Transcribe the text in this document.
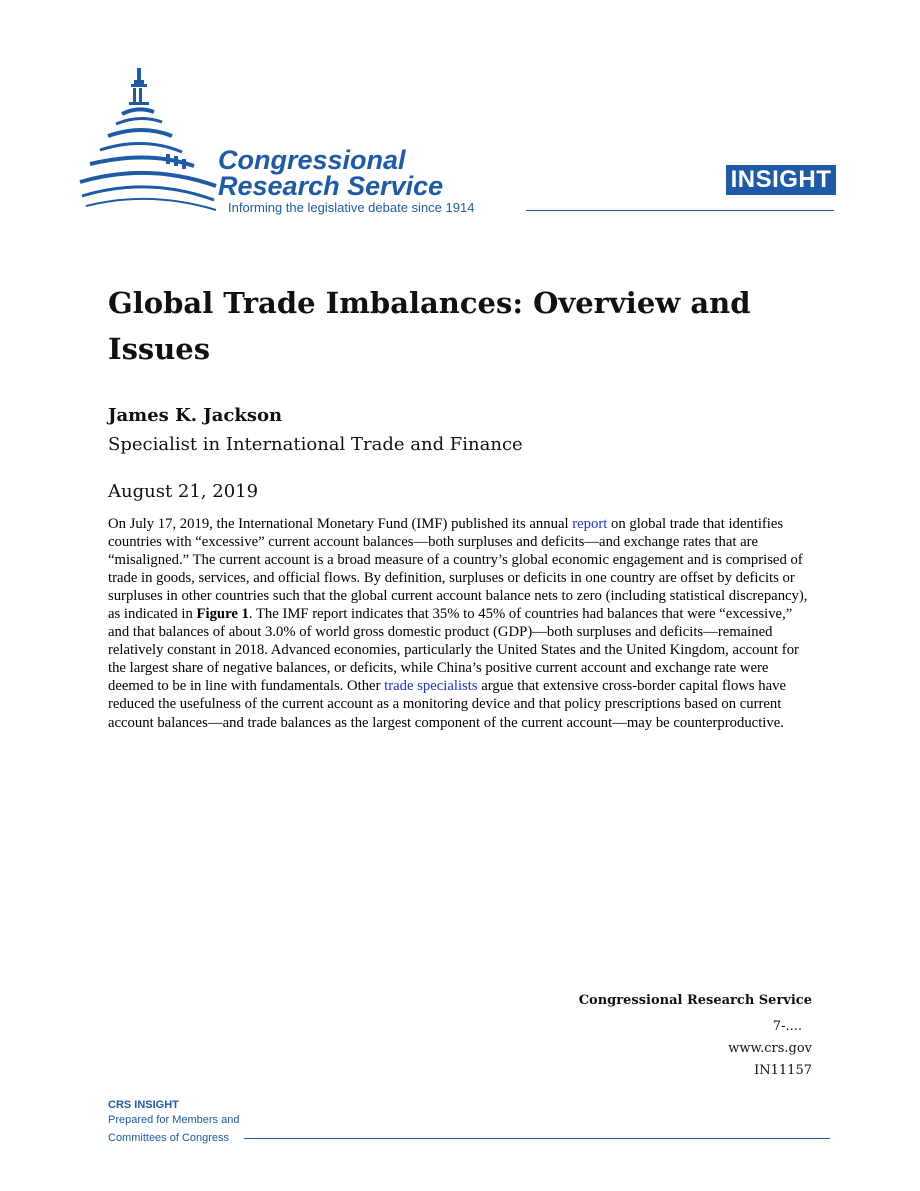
Congressional
Research Service
Informing the legislative debate since 1914
INSIGHT
Global Trade Imbalances: Overview and Issues
James K. Jackson
Specialist in International Trade and Finance
August 21, 2019

On July 17, 2019, the International Monetary Fund (IMF) published its annual report on global trade that identifies countries with “excessive” current account balances—both surpluses and deficits—and exchange rates that are “misaligned.” The current account is a broad measure of a country’s global economic engagement and is comprised of trade in goods, services, and official flows. By definition, surpluses or deficits in one country are offset by deficits or surpluses in other countries such that the global current account balance nets to zero (including statistical discrepancy), as indicated in Figure 1. The IMF report indicates that 35% to 45% of countries had balances that were “excessive,” and that balances of about 3.0% of world gross domestic product (GDP)—both surpluses and deficits—remained relatively constant in 2018. Advanced economies, particularly the United States and the United Kingdom, account for the largest share of negative balances, or deficits, while China’s positive current account and exchange rate were deemed to be in line with fundamentals. Other trade specialists argue that extensive cross-border capital flows have reduced the usefulness of the current account as a monitoring device and that policy prescriptions based on current account balances—and trade balances as the largest component of the current account—may be counterproductive.

Congressional Research Service
7-....
www.crs.gov
IN11157
CRS INSIGHT
Prepared for Members and
Committees of Congress
